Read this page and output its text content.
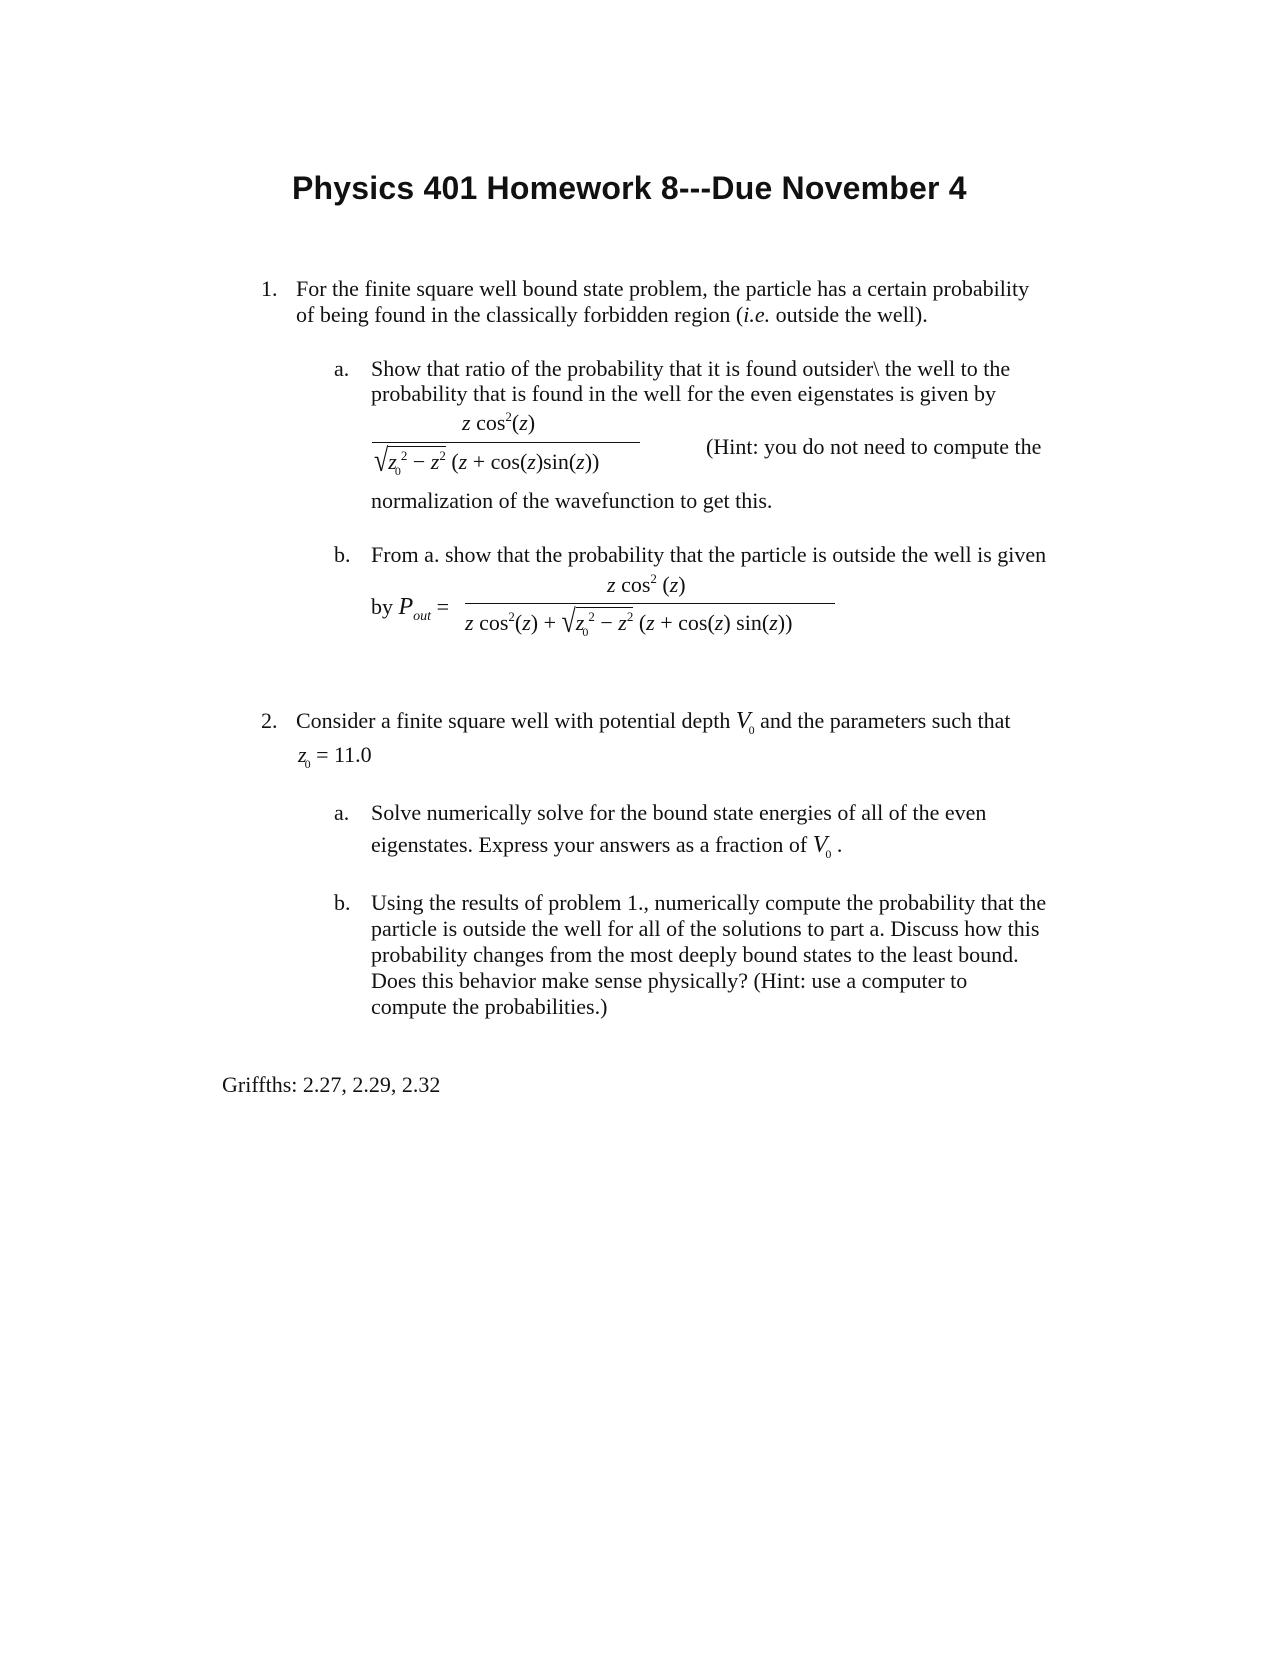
Physics 401 Homework 8---Due November 4
1. For the finite square well bound state problem, the particle has a certain probability
of being found in the classically forbidden region (i.e. outside the well).
a. Show that ratio of the probability that it is found outsider\ the well to the
probability that is found in the well for the even eigenstates is given by
z $\cos^2(z)$
$√z_0^2 - z^2$ (z + cos(z)sin(z))
(Hint: you do not need to compute the
normalization of the wavefunction to get this.
b. From a. show that the probability that the particle is outside the well is given
by $P_{out}$ =
z $\cos^2 (z)$
z $\cos^2(z) + √z_0^2 - z^2$ (z + cos(z) sin(z))
2. Consider a finite square well with potential depth $V_0$ and the parameters such that
$z_0 = 11.0$
a. Solve numerically solve for the bound state energies of all of the even
eigenstates. Express your answers as a fraction of $V_0$ .
b. Using the results of problem 1., numerically compute the probability that the
particle is outside the well for all of the solutions to part a. Discuss how this
probability changes from the most deeply bound states to the least bound.
Does this behavior make sense physically? (Hint: use a computer to
compute the probabilities.)
Griffths: 2.27, 2.29, 2.32
